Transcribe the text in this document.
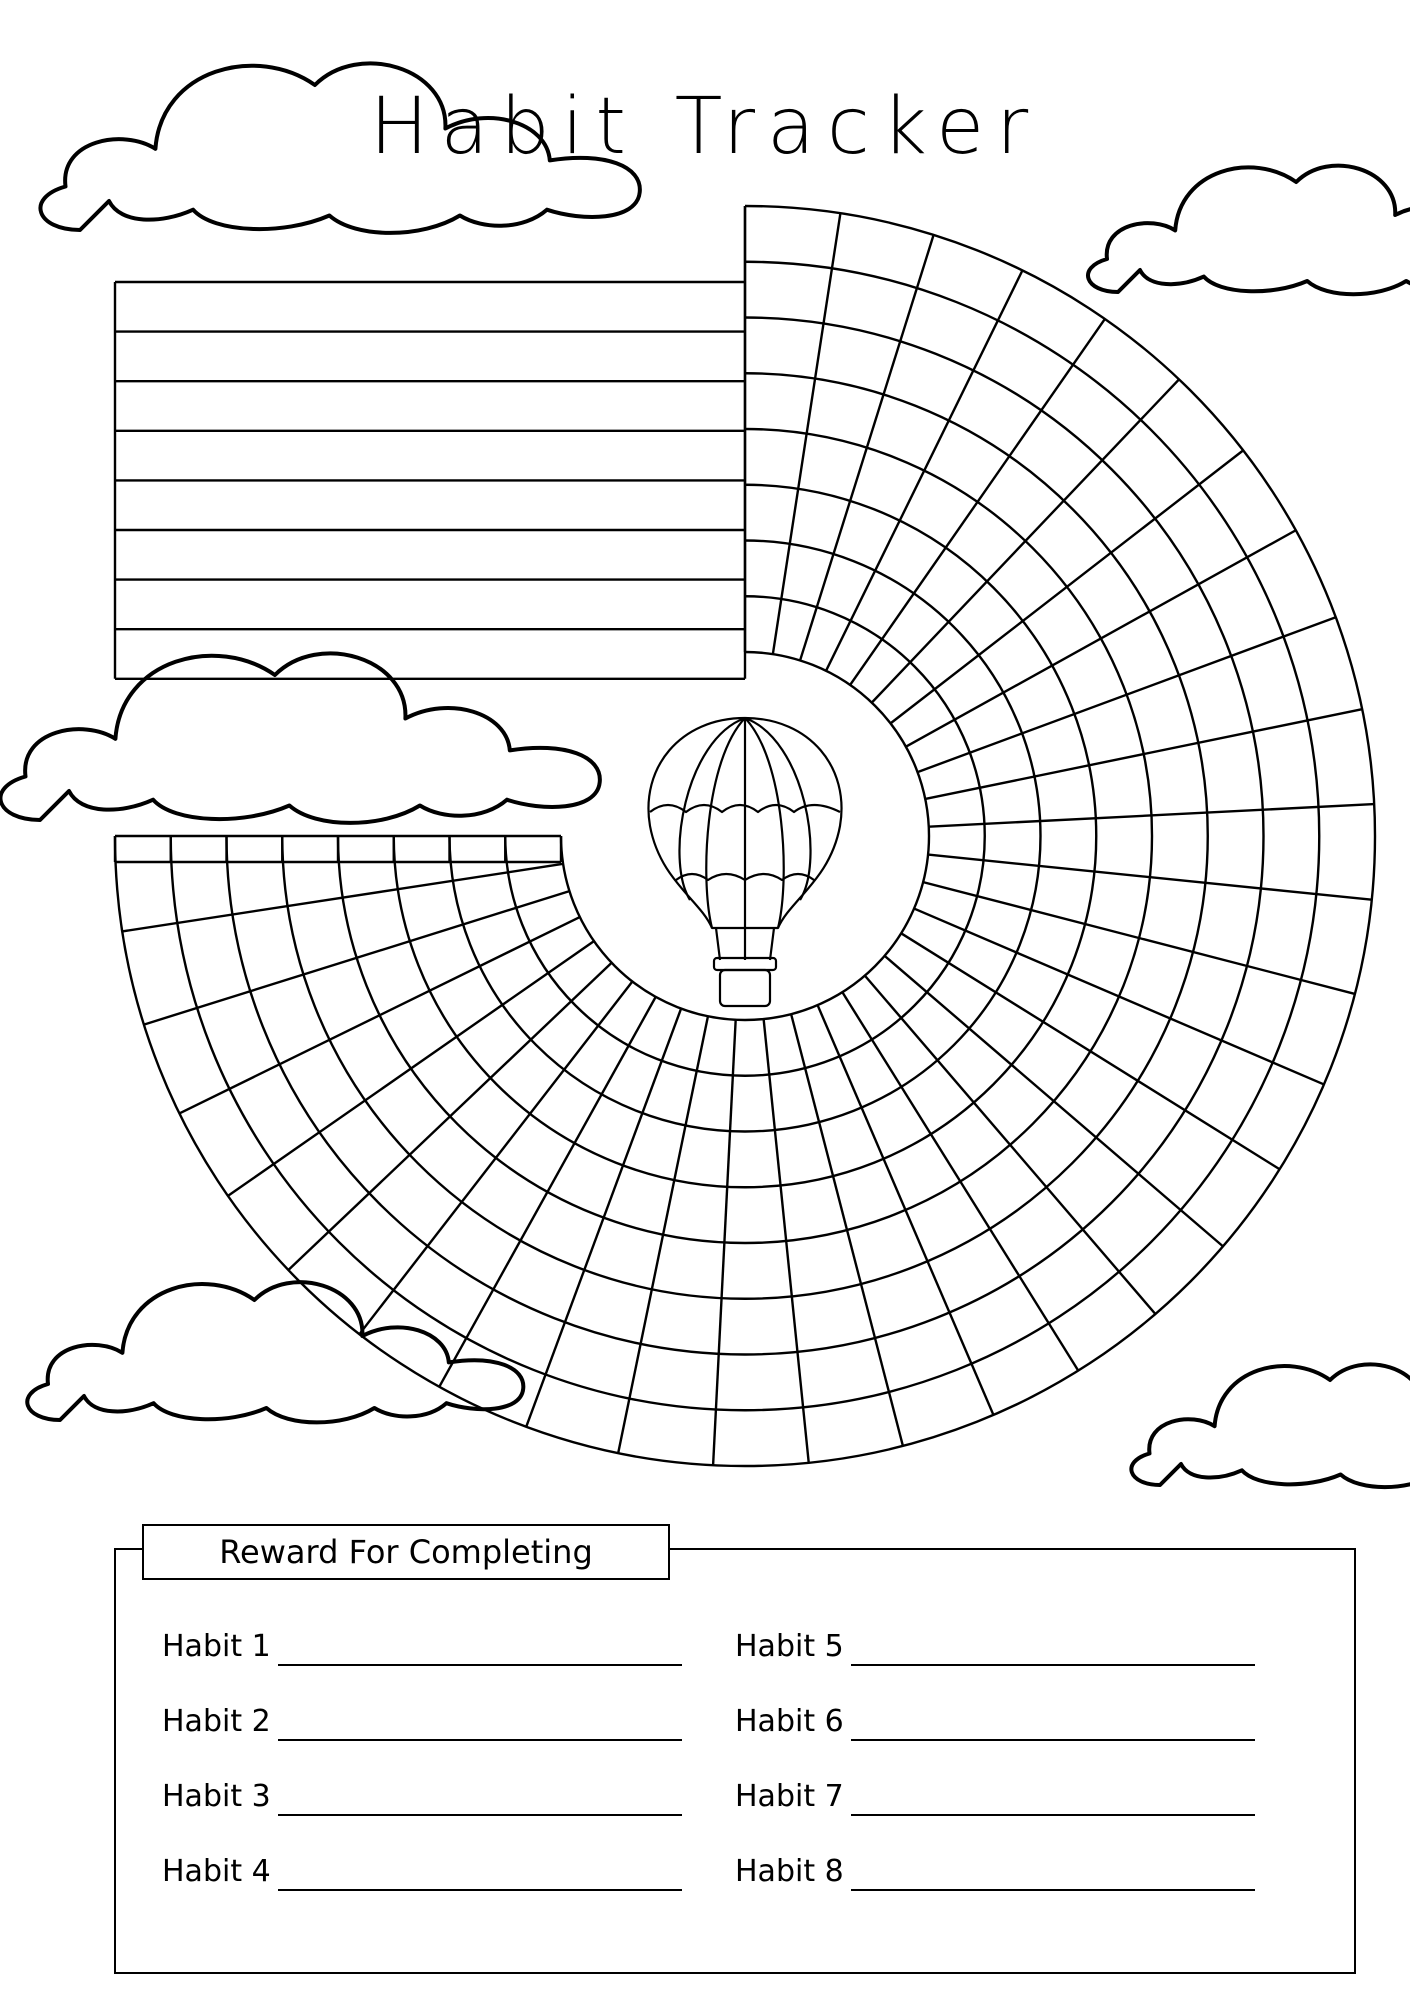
Habit Tracker
Reward For Completing
Habit 1
Habit 2
Habit 3
Habit 4
Habit 5
Habit 6
Habit 7
Habit 8
